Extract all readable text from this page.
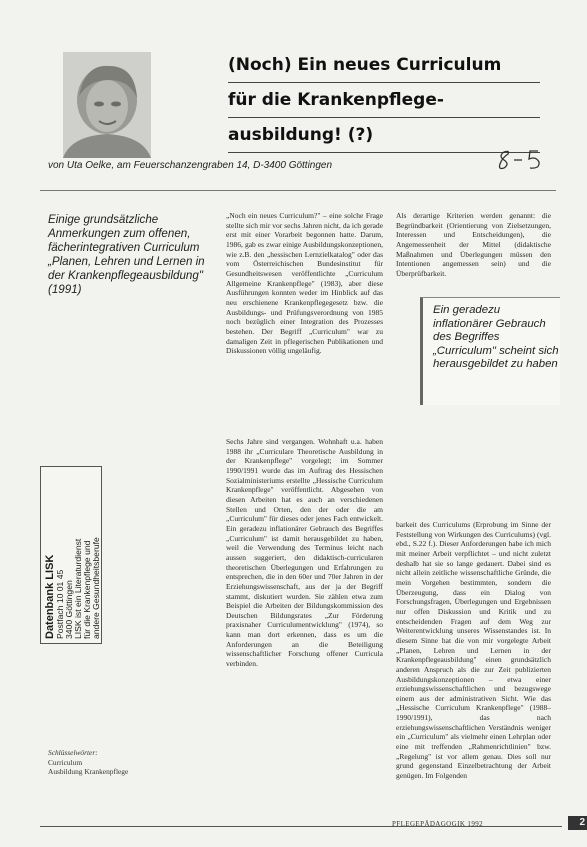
(Noch) Ein neues Curriculum
für die Krankenpflege-
ausbildung! (?)
von Uta Oelke, am Feuerschanzengraben 14, D-3400 Göttingen
Einige grundsätzliche Anmerkungen zum offenen, fächerintegrativen Curriculum „Planen, Lehren und Lernen in der Krankenpflegeausbildung" (1991)
Datenbank LISK Postfach 10 01 45 3400 Göttingen LISK ist ein Literaturdienst für die Krankenpflege und andere Gesundheitsberufe

„Noch ein neues Curriculum?" – eine solche Frage stellte sich mir vor sechs Jahren nicht, da ich gerade erst mit einer Vorarbeit begonnen hatte. Darum, 1986, gab es zwar einige Ausbildungskonzeptionen, wie z.B. den „hessischen Lernzielkatalog" oder das vom Österreichischen Bundesinstitut für Gesundheitswesen veröffentlichte „Curriculum Allgemeine Krankenpflege" (1983), aber diese Ausführungen konnten weder im Hinblick auf das neu erschienene Krankenpflegegesetz bzw. die Ausbildungs- und Prüfungsverordnung von 1985 noch bezüglich einer Integration des Prozesses bestehen. Der Begriff „Curriculum" war zu damaligen Zeit in pflegerischen Publikationen und Diskussionen völlig ungeläufig.

Sechs Jahre sind vergangen. Wohnhaft u.a. haben 1988 ihr „Curriculare Theoretische Ausbildung in der Krankenpflege" vorgelegt; im Sommer 1990/1991 wurde das im Auftrag des Hessischen Sozialministeriums erstellte „Hessische Curriculum Krankenpflege" veröffentlicht. Abgesehen von diesen Arbeiten hat es auch an verschiedenen Stellen und Orten, den der oder die am „Curriculum" für dieses oder jenes Fach entwickelt. Ein geradezu inflationärer Gebrauch des Begriffes „Curriculum" ist damit herausgebildet zu haben, weil die Verwendung des Terminus leicht nach aussen suggeriert, den didaktisch-curricularen theoretischen Überlegungen und Erfahrungen zu entsprechen, die in den 60er und 70er Jahren in der Erziehungswissenschaft, aus der ja der Begriff stammt, diskutiert wurden. Sie zählen etwa zum Beispiel die Arbeiten der Bildungskommission des Deutschen Bildungsrates „Zur Förderung praxisnaher Curriculumentwicklung" (1974), so kann man dort erkennen, dass es um die Anforderungen an die Beteiligung wissenschaftlicher Forschung offener Curricula verbinden.

Als derartige Kriterien werden genannt: die Begründbarkeit (Orientierung von Zielsetzungen, Interessen und Entscheidungen), die Angemessenheit der Mittel (didaktische Maßnahmen und Überlegungen müssen den Intentionen angemessen sein) und die Überprüfbarkeit.

Ein geradezu inflationärer Gebrauch des Begriffes „Curriculum" scheint sich herausgebildet zu haben

barkeit des Curriculums (Erprobung im Sinne der Feststellung von Wirkungen des Curriculums) (vgl. ebd., S.22 f.). Dieser Anforderungen habe ich mich mit meiner Arbeit verpflichtet – und nicht zuletzt deshalb hat sie so lange gedauert. Dabei sind es nicht allein zeitliche wissenschaftliche Gründe, die mein Vorgehen bestimmten, sondern die Überzeugung, dass ein Dialog von Forschungsfragen, Überlegungen und Ergebnissen nur offen Diskussion und Kritik und zu entscheidenden Fragen auf dem Weg zur Weiterentwicklung unseres Wissenstandes ist. In diesem Sinne hat die von mir vorgelegte Arbeit „Planen, Lehren und Lernen in der Krankenpflegeausbildung" einen grundsätzlich anderen Anspruch als die zur Zeit publizierten Ausbildungskonzeptionen – etwa einer erziehungswissenschaftlichen und bezugswege einem aus der administrativen Sicht. Wie das „Hessische Curriculum Krankenpflege" (1988–1990/1991), das nach erziehungswissenschaftlichen Verständnis weniger ein „Curriculum" als vielmehr einen Lehrplan oder eine mit treffenden „Rahmenrichtlinien" bzw. „Regelung" ist vor allem genau. Dies soll nur grund gegenstand Einzelbetrachtung der Arbeit genügen. Im Folgenden

Schlüsselwörter:
Curriculum
Ausbildung Krankenpflege
PFLEGEPÄDAGOGIK 1992	2
